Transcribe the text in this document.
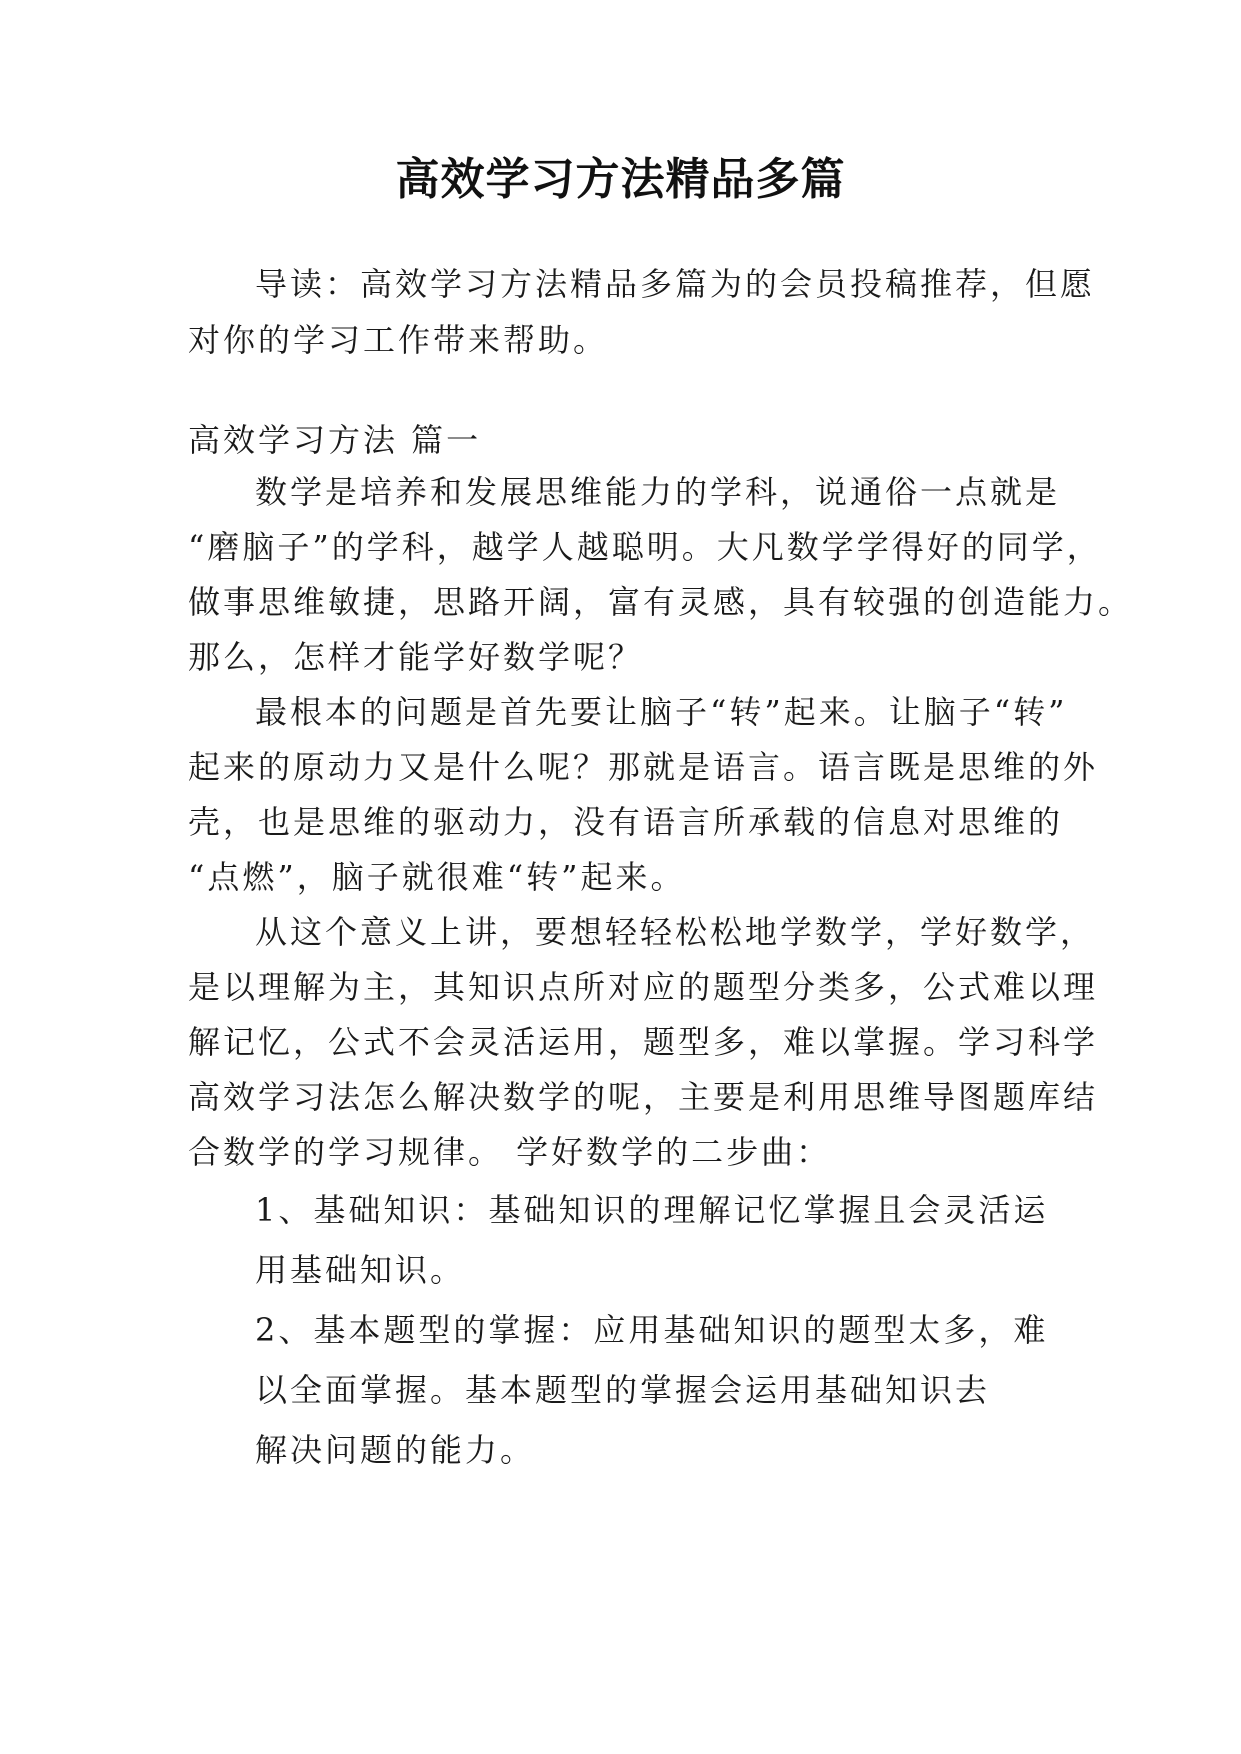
高效学习方法精品多篇
导读：高效学习方法精品多篇为的会员投稿推荐，但愿
对你的学习工作带来帮助。
高效学习方法 篇一
数学是培养和发展思维能力的学科，说通俗一点就是
“磨脑子”的学科，越学人越聪明。大凡数学学得好的同学，
做事思维敏捷，思路开阔，富有灵感，具有较强的创造能力。
那么，怎样才能学好数学呢？
最根本的问题是首先要让脑子“转”起来。让脑子“转”
起来的原动力又是什么呢？那就是语言。语言既是思维的外
壳，也是思维的驱动力，没有语言所承载的信息对思维的
“点燃”，脑子就很难“转”起来。
从这个意义上讲，要想轻轻松松地学数学，学好数学，
是以理解为主，其知识点所对应的题型分类多，公式难以理
解记忆，公式不会灵活运用，题型多，难以掌握。学习科学
高效学习法怎么解决数学的呢，主要是利用思维导图题库结
合数学的学习规律。 学好数学的二步曲：
1、基础知识：基础知识的理解记忆掌握且会灵活运
用基础知识。
2、基本题型的掌握：应用基础知识的题型太多，难
以全面掌握。基本题型的掌握会运用基础知识去
解决问题的能力。
